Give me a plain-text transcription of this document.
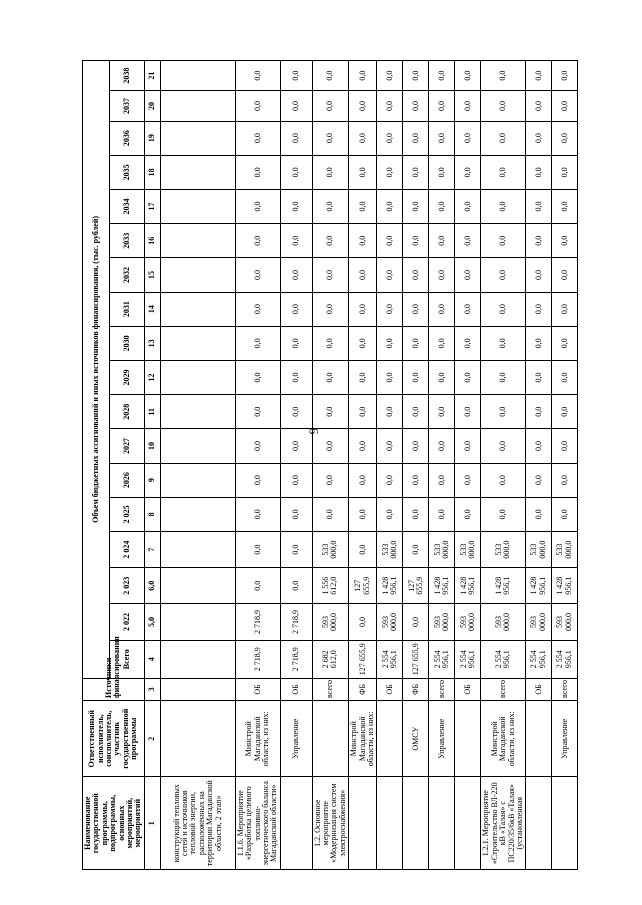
6
Наименование государственной программы, подпрограммы, основных мероприятий, мероприятий	Ответственный исполнитель, соисполнитель, участник государственной программы	Источники финансирования	Объем бюджетных ассигнований и иных источников финансирования, (тыс. рублей)																	
			Всего	2 022	2 023	2 024	2 025	2026	2027	2028	2029	2030	2031	2032	2033	2034	2035	2036	2037	2038
1	2	3	4	5,0	6,0	7	8	9	10	11	12	13	14	15	16	17	18	19	20	21
конструкций тепловых сетей и источников тепловой энергии, расположенных на территории Магаданской области, 2 этап»																				
1.1.6. Мероприятие «Разработка целевого топливно-энергетического баланса Магаданской области»	Минстрой Магаданской области, из них:	ОБ	2 718,9	2 718,9	0,0	0,0	0,0	0,0	0,0	0,0	0,0	0,0	0,0	0,0	0,0	0,0	0,0	0,0	0,0	0,0
	Управление	ОБ	2 718,9	2 718,9	0,0	0,0	0,0	0,0	0,0	0,0	0,0	0,0	0,0	0,0	0,0	0,0	0,0	0,0	0,0	0,0
1.2. Основное мероприятие «Модернизация систем электроснабжения»		всего	2 682 612,0	593 000,0	1 556 612,0	533 000,0	0,0	0,0	0,0	0,0	0,0	0,0	0,0	0,0	0,0	0,0	0,0	0,0	0,0	0,0
	Минстрой Магаданской области, из них:	ФБ	127 655,9	0,0	127 655,9	0,0	0,0	0,0	0,0	0,0	0,0	0,0	0,0	0,0	0,0	0,0	0,0	0,0	0,0	0,0
		ОБ	2 554 956,1	593 000,0	1 428 956,1	533 000,0	0,0	0,0	0,0	0,0	0,0	0,0	0,0	0,0	0,0	0,0	0,0	0,0	0,0	0,0
	ОМСУ	ФБ	127 655,9	0,0	127 655,9	0,0	0,0	0,0	0,0	0,0	0,0	0,0	0,0	0,0	0,0	0,0	0,0	0,0	0,0	0,0
	Управление	всего	2 554 956,1	593 000,0	1 428 956,1	533 000,0	0,0	0,0	0,0	0,0	0,0	0,0	0,0	0,0	0,0	0,0	0,0	0,0	0,0	0,0
		ОБ	2 554 956,1	593 000,0	1 428 956,1	533 000,0	0,0	0,0	0,0	0,0	0,0	0,0	0,0	0,0	0,0	0,0	0,0	0,0	0,0	0,0
1.2.1. Мероприятие «Строительство ВЛ-220 кВ «Талая» с ПС220/35/6кВ «Талая» (установленная	Минстрой Магаданской области, из них:	всего	2 554 956,1	593 000,0	1 428 956,1	533 000,0	0,0	0,0	0,0	0,0	0,0	0,0	0,0	0,0	0,0	0,0	0,0	0,0	0,0	0,0
		ОБ	2 554 956,1	593 000,0	1 428 956,1	533 000,0	0,0	0,0	0,0	0,0	0,0	0,0	0,0	0,0	0,0	0,0	0,0	0,0	0,0	0,0
	Управление	всего	2 554 956,1	593 000,0	1 428 956,1	533 000,0	0,0	0,0	0,0	0,0	0,0	0,0	0,0	0,0	0,0	0,0	0,0	0,0	0,0	0,0
